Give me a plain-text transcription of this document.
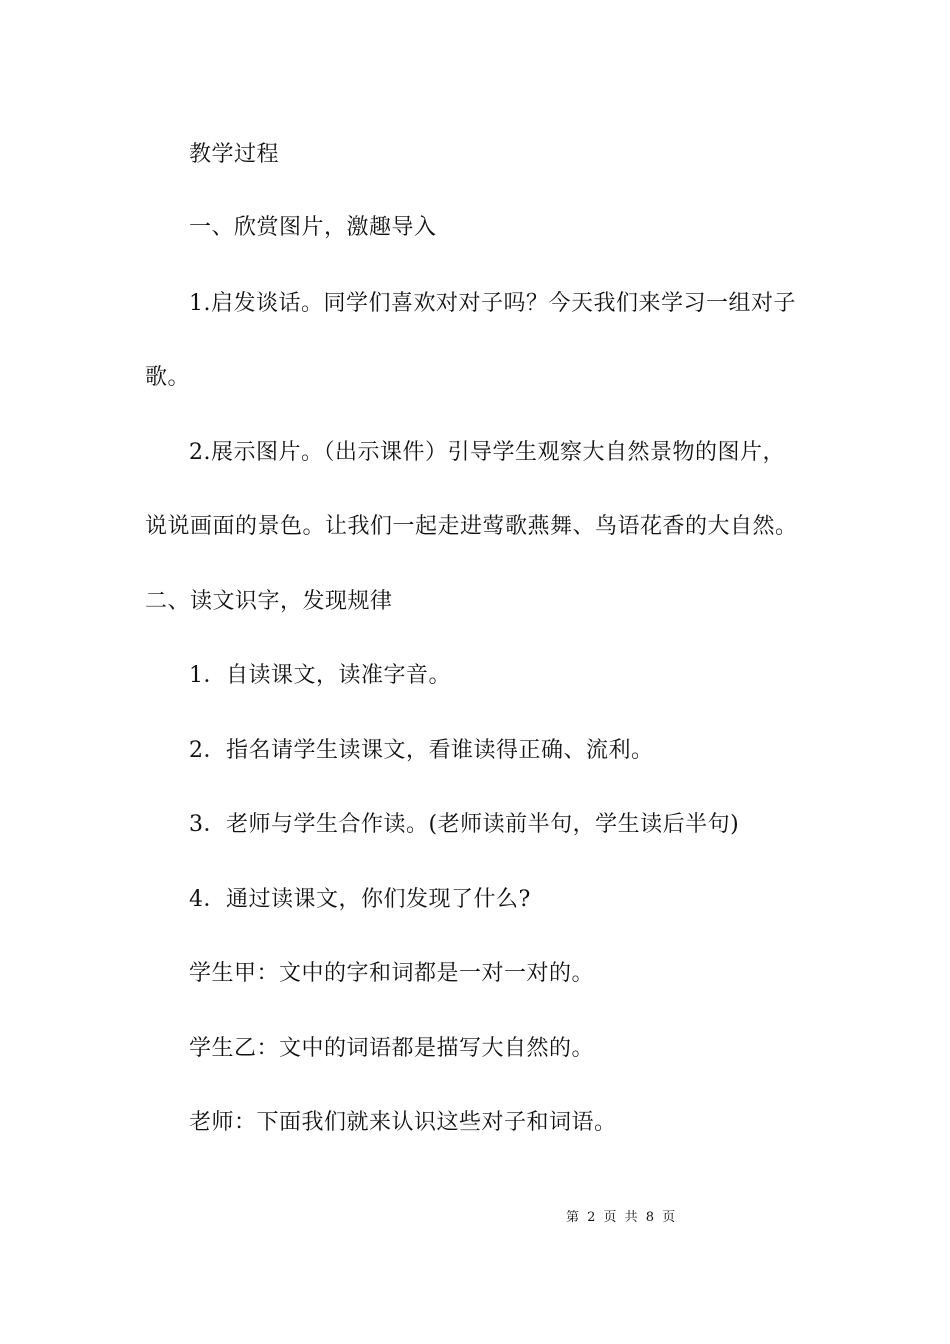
教学过程
一、欣赏图片，激趣导入
1.启发谈话。同学们喜欢对对子吗？今天我们来学习一组对子
歌。
2.展示图片。（出示课件）引导学生观察大自然景物的图片，
说说画面的景色。让我们一起走进莺歌燕舞、鸟语花香的大自然。
二、读文识字，发现规律
1．自读课文，读准字音。
2．指名请学生读课文，看谁读得正确、流利。
3．老师与学生合作读。(老师读前半句，学生读后半句)
4．通过读课文，你们发现了什么?
学生甲：文中的字和词都是一对一对的。
学生乙：文中的词语都是描写大自然的。
老师：下面我们就来认识这些对子和词语。
第 2 页 共 8 页
